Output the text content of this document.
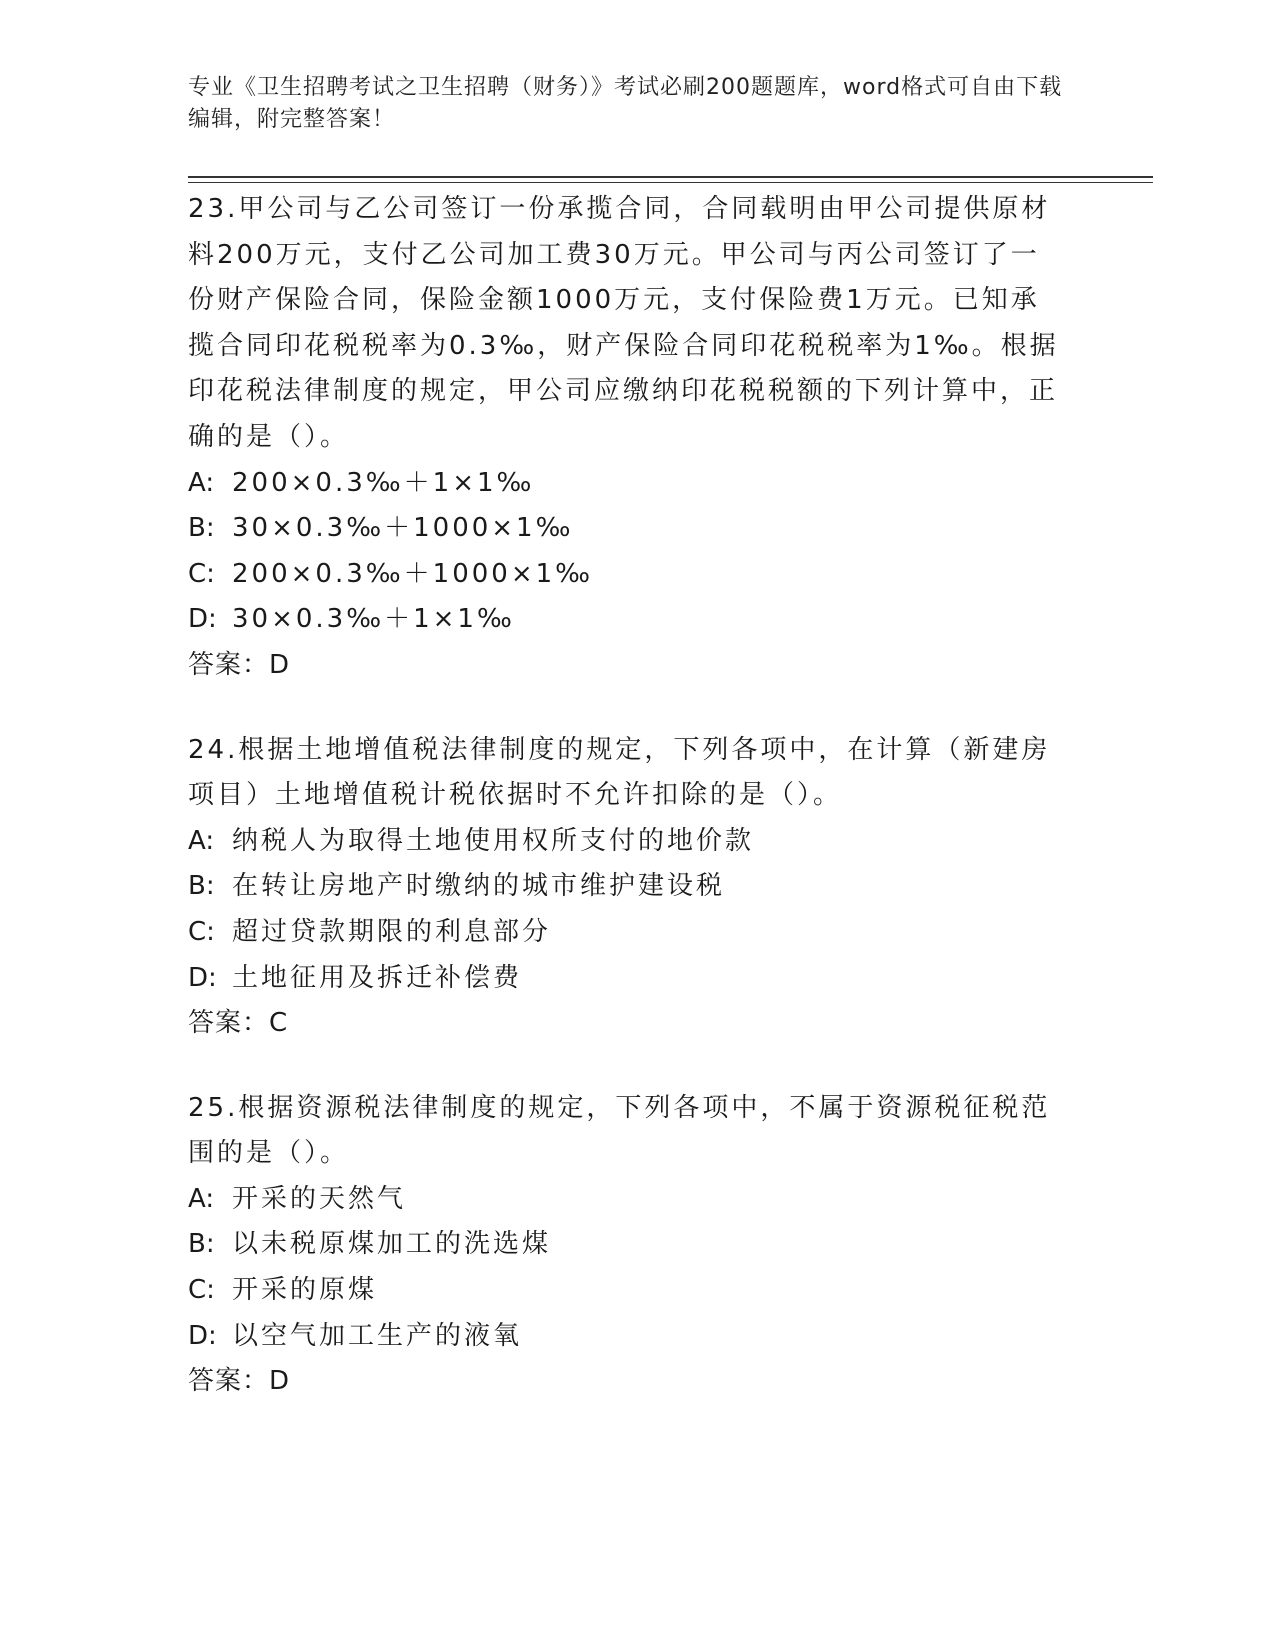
专业《卫生招聘考试之卫生招聘（财务）》考试必刷200题题库，word格式可自由下载编辑，附完整答案！

23.甲公司与乙公司签订一份承揽合同，合同载明由甲公司提供原材料200万元，支付乙公司加工费30万元。甲公司与丙公司签订了一份财产保险合同，保险金额1000万元，支付保险费1万元。已知承揽合同印花税税率为0.3‰，财产保险合同印花税税率为1‰。根据印花税法律制度的规定，甲公司应缴纳印花税税额的下列计算中，正确的是（）。

A: 200×0.3‰＋1×1‰

B: 30×0.3‰＋1000×1‰

C: 200×0.3‰＋1000×1‰

D: 30×0.3‰＋1×1‰

答案：D

24.根据土地增值税法律制度的规定，下列各项中，在计算（新建房项目）土地增值税计税依据时不允许扣除的是（）。

A: 纳税人为取得土地使用权所支付的地价款

B: 在转让房地产时缴纳的城市维护建设税

C: 超过贷款期限的利息部分

D: 土地征用及拆迁补偿费

答案：C

25.根据资源税法律制度的规定，下列各项中，不属于资源税征税范围的是（）。

A: 开采的天然气

B: 以未税原煤加工的洗选煤

C: 开采的原煤

D: 以空气加工生产的液氧

答案：D
